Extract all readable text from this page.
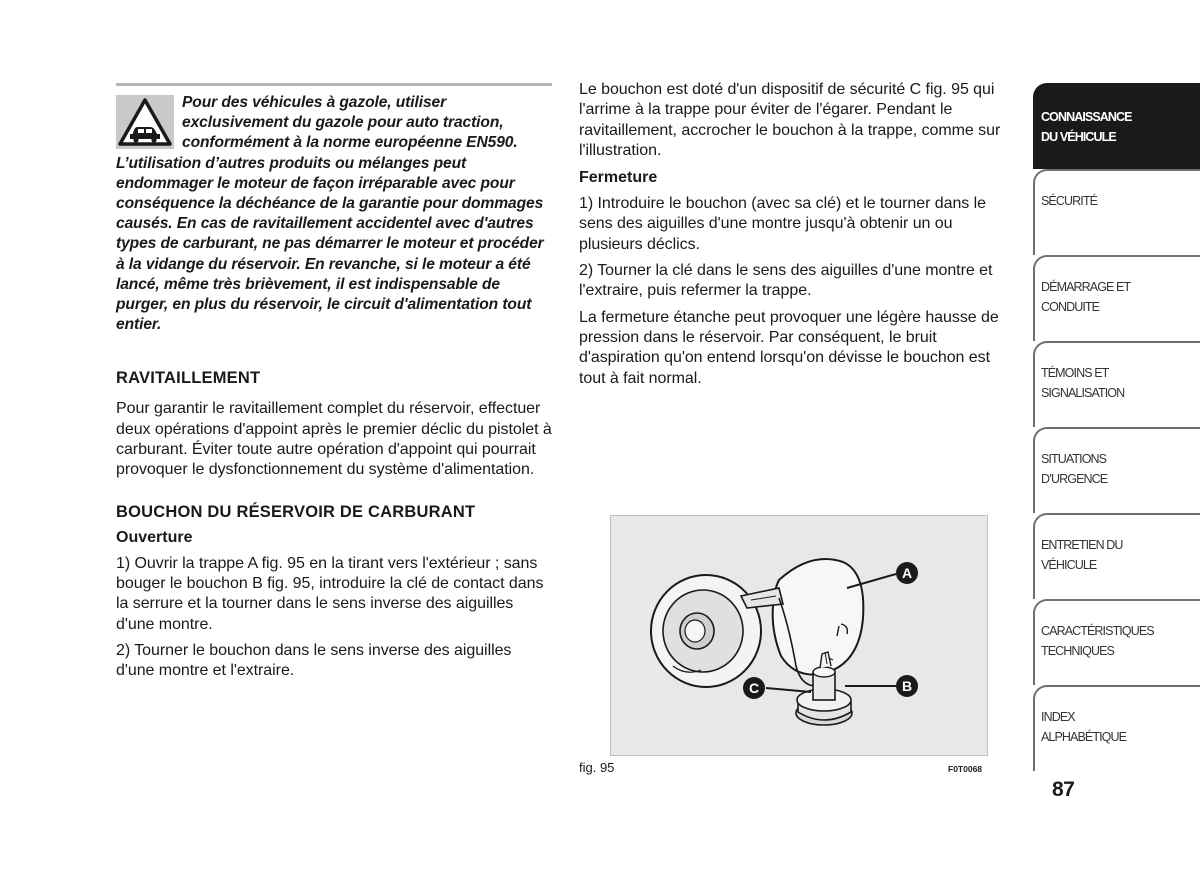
Pour des véhicules à gazole, utiliser exclusivement du gazole pour auto traction, conformément à la norme européenne EN590. L’utilisation d’autres produits ou mélanges peut endommager le moteur de façon irréparable avec pour conséquence la déchéance de la garantie pour dommages causés. En cas de ravitaillement accidentel avec d'autres types de carburant, ne pas démarrer le moteur et procéder à la vidange du réservoir. En revanche, si le moteur a été lancé, même très brièvement, il est indispensable de purger, en plus du réservoir, le circuit d'alimentation tout entier.

RAVITAILLEMENT

Pour garantir le ravitaillement complet du réservoir, effectuer deux opérations d'appoint après le premier déclic du pistolet à carburant. Éviter toute autre opération d'appoint qui pourrait provoquer le dysfonctionnement du système d'alimentation.

BOUCHON DU RÉSERVOIR DE CARBURANT
Ouverture

1) Ouvrir la trappe A fig. 95 en la tirant vers l'extérieur ; sans bouger le bouchon B fig. 95, introduire la clé de contact dans la serrure et la tourner dans le sens inverse des aiguilles d'une montre.

2) Tourner le bouchon dans le sens inverse des aiguilles d'une montre et l'extraire.

Le bouchon est doté d'un dispositif de sécurité C fig. 95 qui l'arrime à la trappe pour éviter de l'égarer. Pendant le ravitaillement, accrocher le bouchon à la trappe, comme sur l'illustration.

Fermeture

1) Introduire le bouchon (avec sa clé) et le tourner dans le sens des aiguilles d'une montre jusqu'à obtenir un ou plusieurs déclics.

2) Tourner la clé dans le sens des aiguilles d'une montre et l'extraire, puis refermer la trappe.

La fermeture étanche peut provoquer une légère hausse de pression dans le réservoir. Par conséquent, le bruit d'aspiration qu'on entend lorsqu'on dévisse le bouchon est tout à fait normal.

A
B
C
fig. 95	F0T0068
CONNAISSANCE
DU VÉHICULE
SÉCURITÉ
DÉMARRAGE ET
CONDUITE
TÉMOINS ET
SIGNALISATION
SITUATIONS
D’URGENCE
ENTRETIEN DU
VÉHICULE
CARACTÉRISTIQUES
TECHNIQUES
INDEX
ALPHABÉTIQUE
87
